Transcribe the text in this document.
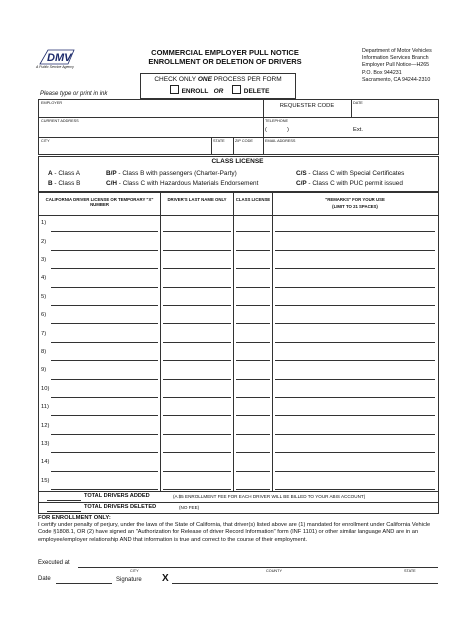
DMV
A Public Service Agency
COMMERCIAL EMPLOYER PULL NOTICE
ENROLLMENT OR DELETION OF DRIVERS
Department of Motor Vehicles
Information Services Branch
Employer Pull Notice—H265
P.O. Box 944231
Sacramento, CA 94244-2310
CHECK ONLY ONE PROCESS PER FORM
ENROLL OR	DELETE
Please type or print in ink
EMPLOYER	REQUESTER CODE	DATE
CURRENT ADDRESS	TELEPHONE
(	)	Ext.
CITY	STATE	ZIP CODE	EMAIL ADDRESS
CLASS LICENSE
A - Class A
B - Class B
B/P - Class B with passengers (Charter-Party)
C/H - Class C with Hazardous Materials Endorsement
C/S - Class C with Special Certificates
C/P - Class C with PUC permit issued
CALIFORNIA DRIVER LICENSE OR TEMPORARY "X" NUMBER
DRIVER'S LAST NAME ONLY	CLASS LICENSE	"REMARKS" FOR YOUR USE
(LIMIT TO 21 SPACES)
1)
2)
3)
4)
5)
6)
7)
8)
9)
10)
11)
12)
13)
14)
15)
TOTAL DRIVERS ADDED	(A $5 ENROLLMENT FEE FOR EACH DRIVER WILL BE BILLED TO YOUR ABIS ACCOUNT)
TOTAL DRIVERS DELETED	(NO FEE)
FOR ENROLLMENT ONLY:
I certify under penalty of perjury, under the laws of the State of California, that driver(s) listed above are (1) mandated for enrollment under California Vehicle Code §1808.1, OR (2) have signed an "Authorization for Release of driver Record Information" form (INF 1101) or other similar language AND are in an employee/employer relationship AND that information is true and correct to the course of their employment.
Executed at
CITY	COUNTY	STATE
Date	Signature X
